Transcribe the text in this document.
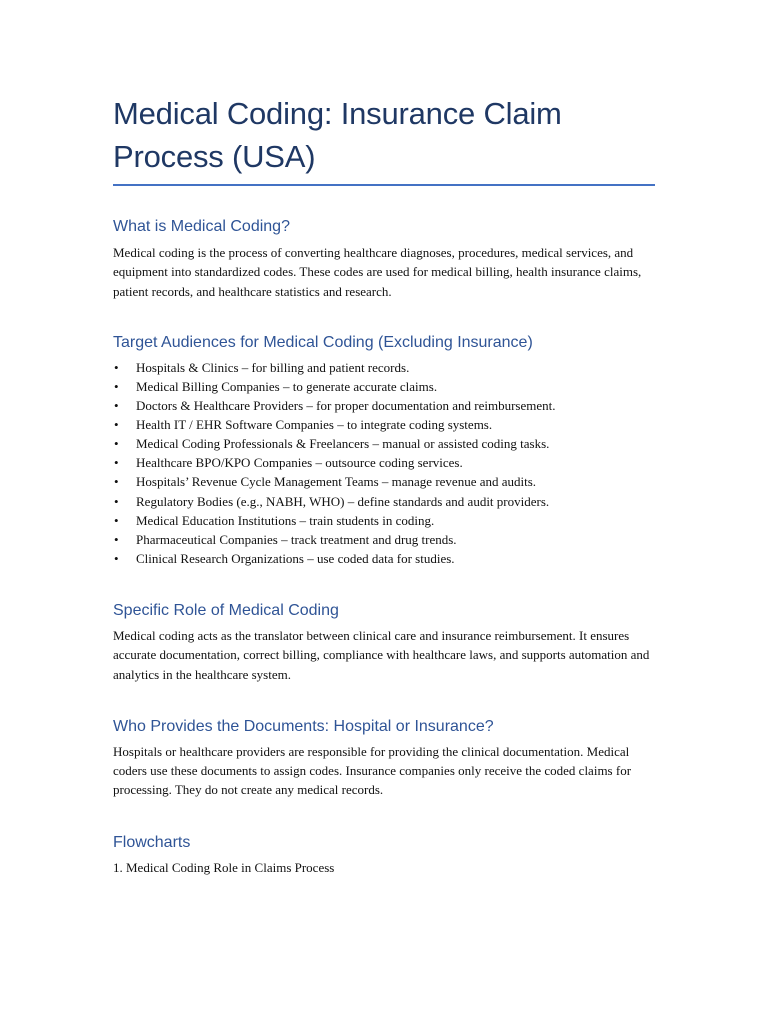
Medical Coding: Insurance Claim Process (USA)
What is Medical Coding?

Medical coding is the process of converting healthcare diagnoses, procedures, medical services, and equipment into standardized codes. These codes are used for medical billing, health insurance claims, patient records, and healthcare statistics and research.

Target Audiences for Medical Coding (Excluding Insurance)
• Hospitals & Clinics – for billing and patient records.
• Medical Billing Companies – to generate accurate claims.
• Doctors & Healthcare Providers – for proper documentation and reimbursement.
• Health IT / EHR Software Companies – to integrate coding systems.
• Medical Coding Professionals & Freelancers – manual or assisted coding tasks.
• Healthcare BPO/KPO Companies – outsource coding services.
• Hospitals’ Revenue Cycle Management Teams – manage revenue and audits.
• Regulatory Bodies (e.g., NABH, WHO) – define standards and audit providers.
• Medical Education Institutions – train students in coding.
• Pharmaceutical Companies – track treatment and drug trends.
• Clinical Research Organizations – use coded data for studies.
Specific Role of Medical Coding

Medical coding acts as the translator between clinical care and insurance reimbursement. It ensures accurate documentation, correct billing, compliance with healthcare laws, and supports automation and analytics in the healthcare system.

Who Provides the Documents: Hospital or Insurance?

Hospitals or healthcare providers are responsible for providing the clinical documentation. Medical coders use these documents to assign codes. Insurance companies only receive the coded claims for processing. They do not create any medical records.

Flowcharts

1. Medical Coding Role in Claims Process
